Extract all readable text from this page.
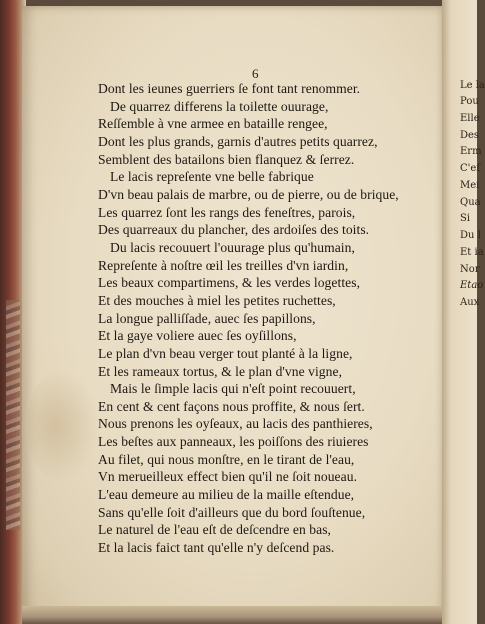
Le la
Pou
Elle
Des
Erm
C'eſ
Mei
Qua
Si
Du l
Et ia
Nor
Etao
Aux
6
Dont les ieunes guerriers ſe font tant renommer.
De quarrez differens la toilette ouurage,
Reſſemble à vne armee en bataille rengee,
Dont les plus grands, garnis d'autres petits quarrez,
Semblent des batailons bien flanquez & ſerrez.
Le lacis repreſente vne belle fabrique
D'vn beau palais de marbre, ou de pierre, ou de brique,
Les quarrez ſont les rangs des feneſtres, parois,
Des quarreaux du plancher, des ardoiſes des toits.
Du lacis recouuert l'ouurage plus qu'humain,
Repreſente à noſtre œil les treilles d'vn iardin,
Les beaux compartimens, & les verdes logettes,
Et des mouches à miel les petites ruchettes,
La longue palliſſade, auec ſes papillons,
Et la gaye voliere auec ſes oyſillons,
Le plan d'vn beau verger tout planté à la ligne,
Et les rameaux tortus, & le plan d'vne vigne,
Mais le ſimple lacis qui n'eſt point recouuert,
En cent & cent façons nous proffite, & nous ſert.
Nous prenons les oyſeaux, au lacis des panthieres,
Les beſtes aux panneaux, les poiſſons des riuieres
Au filet, qui nous monſtre, en le tirant de l'eau,
Vn merueilleux effect bien qu'il ne ſoit noueau.
L'eau demeure au milieu de la maille eſtendue,
Sans qu'elle ſoit d'ailleurs que du bord ſouſtenue,
Le naturel de l'eau eſt de deſcendre en bas,
Et la lacis faict tant qu'elle n'y deſcend pas.
